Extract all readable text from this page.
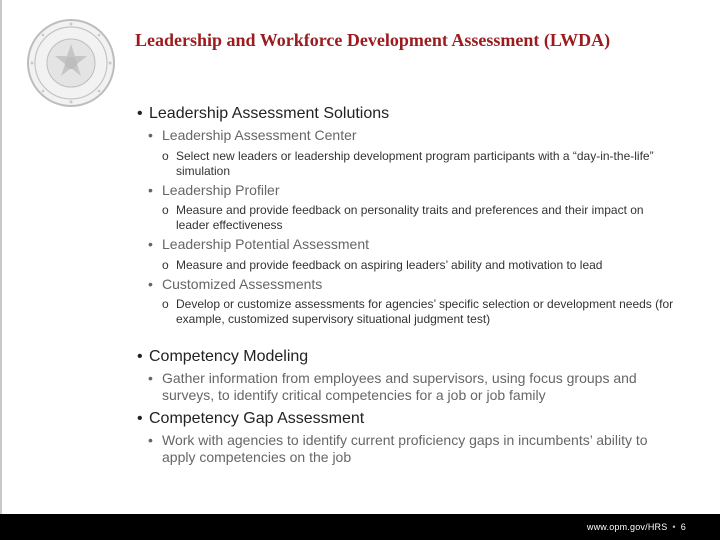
Leadership and Workforce Development Assessment (LWDA)
• Leadership Assessment Solutions
• Leadership Assessment Center
o Select new leaders or leadership development program participants with a “day-in-the-life” simulation
• Leadership Profiler
o Measure and provide feedback on personality traits and preferences and their impact on leader effectiveness
• Leadership Potential Assessment
o Measure and provide feedback on aspiring leaders’ ability and motivation to lead
• Customized Assessments
o Develop or customize assessments for agencies’ specific selection or development needs (for example, customized supervisory situational judgment test)
• Competency Modeling
• Gather information from employees and supervisors, using focus groups and surveys, to identify critical competencies for a job or job family
• Competency Gap Assessment
• Work with agencies to identify current proficiency gaps in incumbents’ ability to apply competencies on the job
www.opm.gov/HRS • 6
